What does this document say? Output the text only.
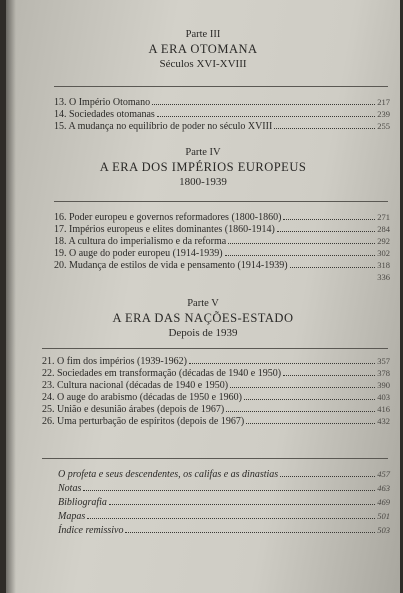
Parte III
A ERA OTOMANA
Séculos XVI-XVIII
13. O Império Otomano	217
14. Sociedades otomanas	239
15. A mudança no equilíbrio de poder no século XVIII	255
Parte IV
A ERA DOS IMPÉRIOS EUROPEUS
1800-1939
16. Poder europeu e governos reformadores (1800-1860)	271
17. Impérios europeus e elites dominantes (1860-1914)	284
18. A cultura do imperialismo e da reforma	292
19. O auge do poder europeu (1914-1939)	302
20. Mudança de estilos de vida e pensamento (1914-1939)	318
336
Parte V
A ERA DAS NAÇÕES-ESTADO
Depois de 1939
21. O fim dos impérios (1939-1962)	357
22. Sociedades em transformação (décadas de 1940 e 1950)	378
23. Cultura nacional (décadas de 1940 e 1950)	390
24. O auge do arabismo (décadas de 1950 e 1960)	403
25. União e desunião árabes (depois de 1967)	416
26. Uma perturbação de espíritos (depois de 1967)	432
O profeta e seus descendentes, os califas e as dinastias	457
Notas	463
Bibliografia	469
Mapas	501
Índice remissivo	503
